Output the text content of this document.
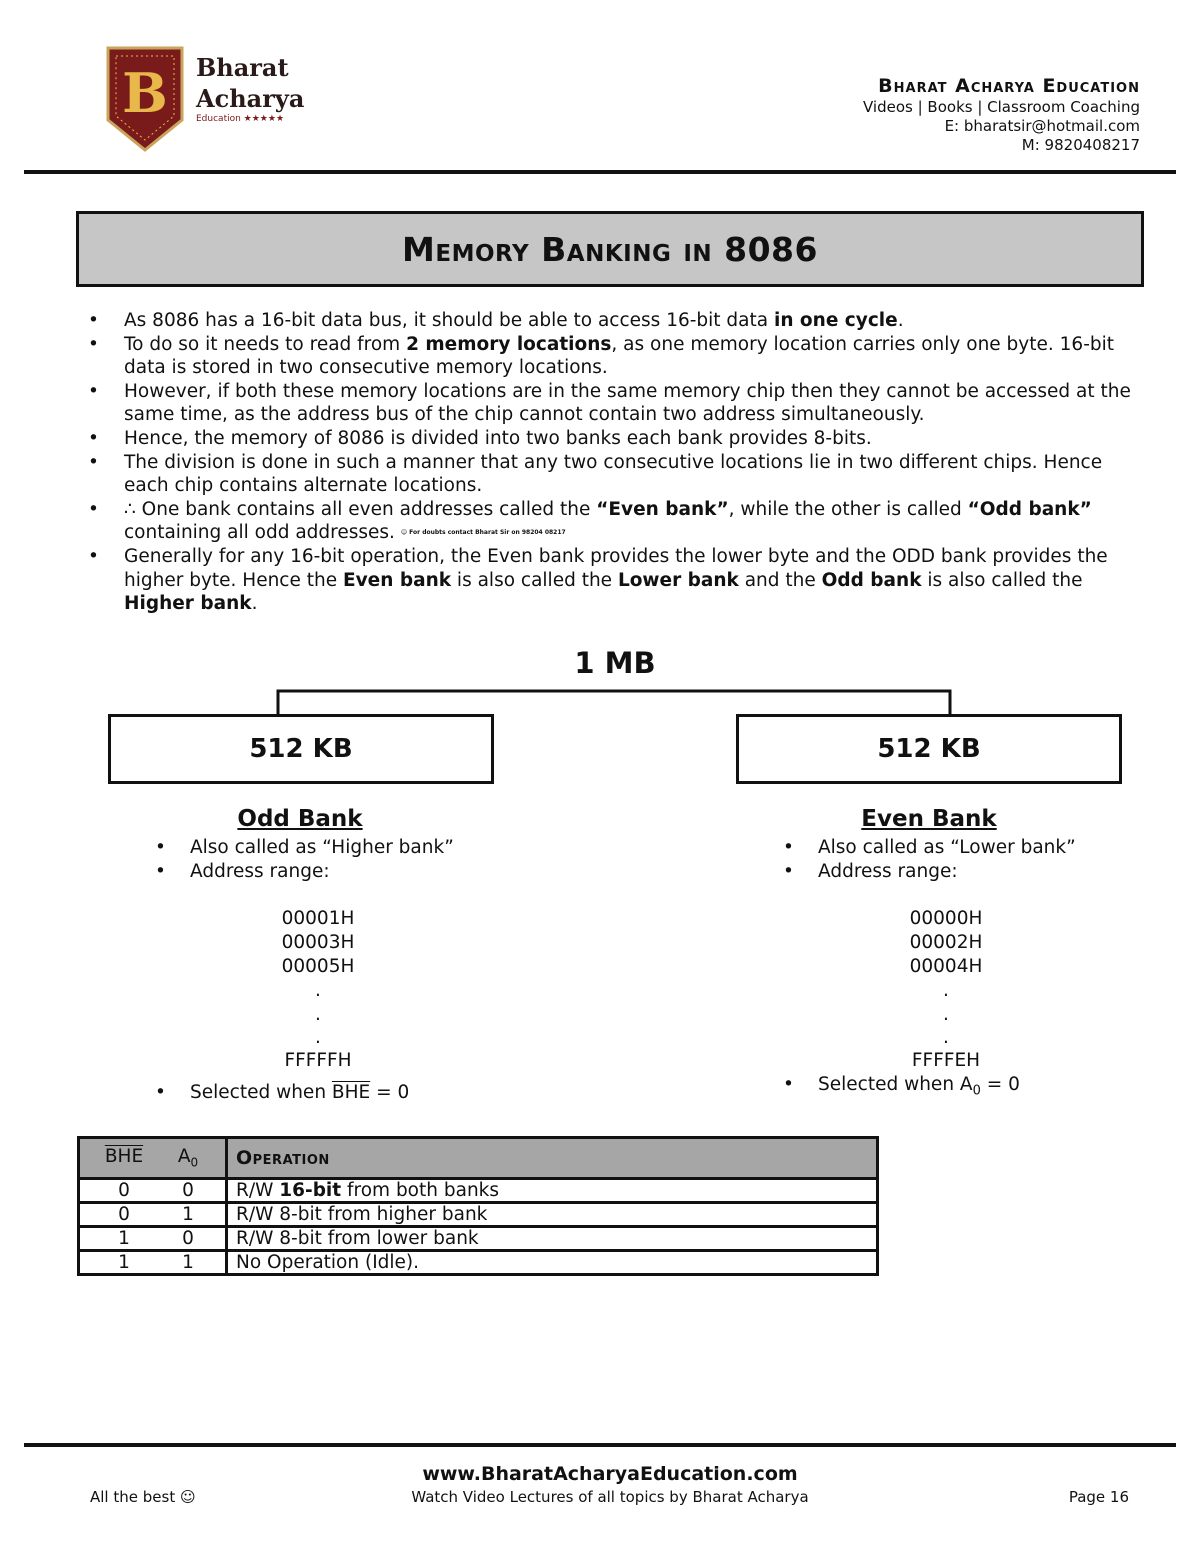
B Bharat
Acharya
Education ★★★★★
Bharat Acharya Education
Videos | Books | Classroom Coaching
E: bharatsir@hotmail.com
M: 9820408217
Memory Banking in 8086
• As 8086 has a 16-bit data bus, it should be able to access 16-bit data in one cycle.
• To do so it needs to read from 2 memory locations, as one memory location carries only one byte. 16-bit data is stored in two consecutive memory locations.
• However, if both these memory locations are in the same memory chip then they cannot be accessed at the same time, as the address bus of the chip cannot contain two address simultaneously.
• Hence, the memory of 8086 is divided into two banks each bank provides 8-bits.
• The division is done in such a manner that any two consecutive locations lie in two different chips. Hence each chip contains alternate locations.
• ∴ One bank contains all even addresses called the “Even bank”, while the other is called “Odd bank” containing all odd addresses. ☺ For doubts contact Bharat Sir on 98204 08217
• Generally for any 16-bit operation, the Even bank provides the lower byte and the ODD bank provides the higher byte. Hence the Even bank is also called the Lower bank and the Odd bank is also called the Higher bank.
1 MB
512 KB	512 KB
Odd Bank
• Also called as “Higher bank”
• Address range:
00001H
00003H
00005H
.
.
.
FFFFFH
• Selected when $\overline{BHE} = 0$
Even Bank
• Also called as “Lower bank”
• Address range:
00000H
00002H
00004H
.
.
.
FFFFEH
• Selected when $A_0 = 0$
$\overline{BHE}$ $A_0$	Operation

0 0	R/W 16-bit from both banks

0 1	R/W 8-bit from higher bank

1 0	R/W 8-bit from lower bank

1 1	No Operation (Idle).
www.BharatAcharyaEducation.com
Watch Video Lectures of all topics by Bharat Acharya
All the best ☺	Page 16
